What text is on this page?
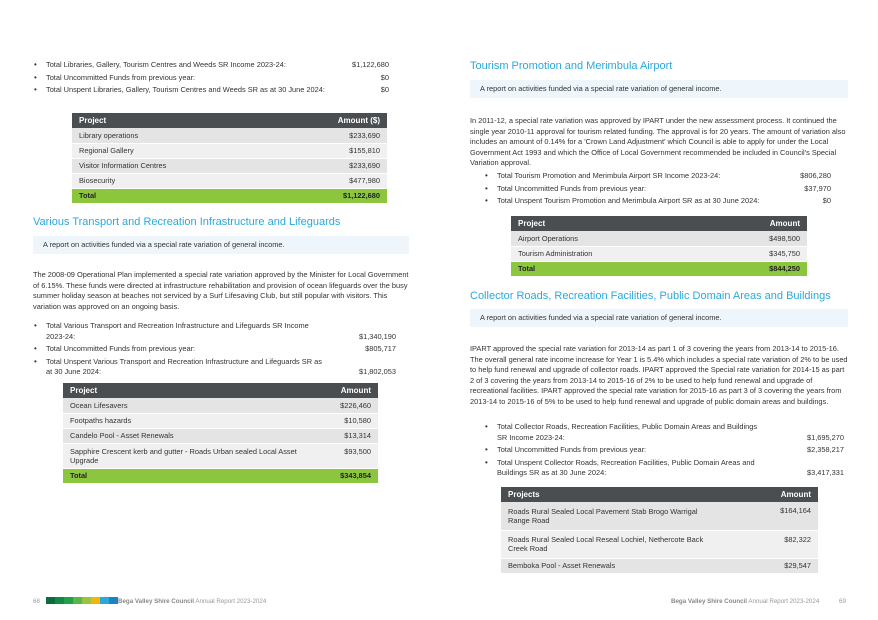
• Total Libraries, Gallery, Tourism Centres and Weeds SR Income 2023-24:	$1,122,680
• Total Uncommitted Funds from previous year:	$0
• Total Unspent Libraries, Gallery, Tourism Centres and Weeds SR as at 30 June 2024:	$0
Project	Amount ($)
Library operations	$233,690
Regional Gallery	$155,810
Visitor Information Centres	$233,690
Biosecurity	$477,980
Total	$1,122,680
Various Transport and Recreation Infrastructure and Lifeguards
A report on activities funded via a special rate variation of general income.
The 2008-09 Operational Plan implemented a special rate variation approved by the Minister for Local Government of 6.15%. These funds were directed at infrastructure rehabilitation and provision of ocean lifeguards over the busy summer holiday season at beaches not serviced by a Surf Lifesaving Club, but still popular with visitors. This variation was approved on an ongoing basis.
• Total Various Transport and Recreation Infrastructure and Lifeguards SR Income 2023-24:	$1,340,190
• Total Uncommitted Funds from previous year:	$805,717
• Total Unspent Various Transport and Recreation Infrastructure and Lifeguards SR as at 30 June 2024:	$1,802,053
Project	Amount
Ocean Lifesavers	$226,460
Footpaths hazards	$10,580
Candelo Pool - Asset Renewals	$13,314
Sapphire Crescent kerb and gutter - Roads Urban sealed Local Asset Upgrade	$93,500
Total	$343,854
68	Bega Valley Shire Council Annual Report 2023-2024
Tourism Promotion and Merimbula Airport
A report on activities funded via a special rate variation of general income.
In 2011-12, a special rate variation was approved by IPART under the new assessment process. It continued the single year 2010-11 approval for tourism related funding. The approval is for 20 years. The amount of variation also includes an amount of 0.14% for a 'Crown Land Adjustment' which Council is able to apply for under the Local Government Act 1993 and which the Office of Local Government recommended be included in Council's Special Variation approval.
• Total Tourism Promotion and Merimbula Airport SR Income 2023-24:	$806,280
• Total Uncommitted Funds from previous year:	$37,970
• Total Unspent Tourism Promotion and Merimbula Airport SR as at 30 June 2024:	$0
Project	Amount
Airport Operations	$498,500
Tourism Administration	$345,750
Total	$844,250
Collector Roads, Recreation Facilities, Public Domain Areas and Buildings
A report on activities funded via a special rate variation of general income.
IPART approved the special rate variation for 2013-14 as part 1 of 3 covering the years from 2013-14 to 2015-16. The overall general rate income increase for Year 1 is 5.4% which includes a special rate variation of 2% to be used to help fund renewal and upgrade of collector roads. IPART approved the Special rate variation for 2014-15 as part 2 of 3 covering the years from 2013-14 to 2015-16 of 2% to be used to help fund renewal and upgrade of recreational facilities. IPART approved the special rate variation for 2015-16 as part 3 of 3 covering the years from 2013-14 to 2015-16 of 5% to be used to help fund renewal and upgrade of public domain areas and buildings.
• Total Collector Roads, Recreation Facilities, Public Domain Areas and Buildings SR Income 2023-24:	$1,695,270
• Total Uncommitted Funds from previous year:	$2,358,217
• Total Unspent Collector Roads, Recreation Facilities, Public Domain Areas and Buildings SR as at 30 June 2024:	$3,417,331
Projects	Amount
Roads Rural Sealed Local Pavement Stab Brogo Warrigal Range Road	$164,164
Roads Rural Sealed Local Reseal Lochiel, Nethercote Back Creek Road	$82,322
Bemboka Pool - Asset Renewals	$29,547
Bega Valley Shire Council Annual Report 2023-2024	69
